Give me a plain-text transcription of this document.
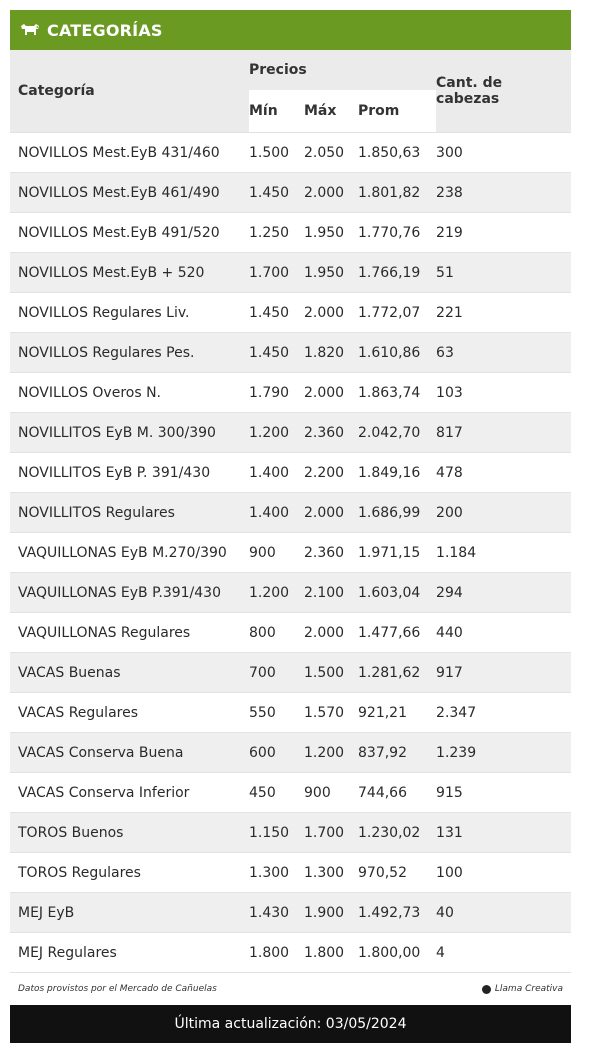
CATEGORÍAS
Categoría	Precios			Cant. de cabezas
	Mín	Máx	Prom	
NOVILLOS Mest.EyB 431/460	1.500	2.050	1.850,63	300
NOVILLOS Mest.EyB 461/490	1.450	2.000	1.801,82	238
NOVILLOS Mest.EyB 491/520	1.250	1.950	1.770,76	219
NOVILLOS Mest.EyB + 520	1.700	1.950	1.766,19	51
NOVILLOS Regulares Liv.	1.450	2.000	1.772,07	221
NOVILLOS Regulares Pes.	1.450	1.820	1.610,86	63
NOVILLOS Overos N.	1.790	2.000	1.863,74	103
NOVILLITOS EyB M. 300/390	1.200	2.360	2.042,70	817
NOVILLITOS EyB P. 391/430	1.400	2.200	1.849,16	478
NOVILLITOS Regulares	1.400	2.000	1.686,99	200
VAQUILLONAS EyB M.270/390	900	2.360	1.971,15	1.184
VAQUILLONAS EyB P.391/430	1.200	2.100	1.603,04	294
VAQUILLONAS Regulares	800	2.000	1.477,66	440
VACAS Buenas	700	1.500	1.281,62	917
VACAS Regulares	550	1.570	921,21	2.347
VACAS Conserva Buena	600	1.200	837,92	1.239
VACAS Conserva Inferior	450	900	744,66	915
TOROS Buenos	1.150	1.700	1.230,02	131
TOROS Regulares	1.300	1.300	970,52	100
MEJ EyB	1.430	1.900	1.492,73	40
MEJ Regulares	1.800	1.800	1.800,00	4
Datos provistos por el Mercado de Cañuelas	Llama Creativa
Última actualización: 03/05/2024
